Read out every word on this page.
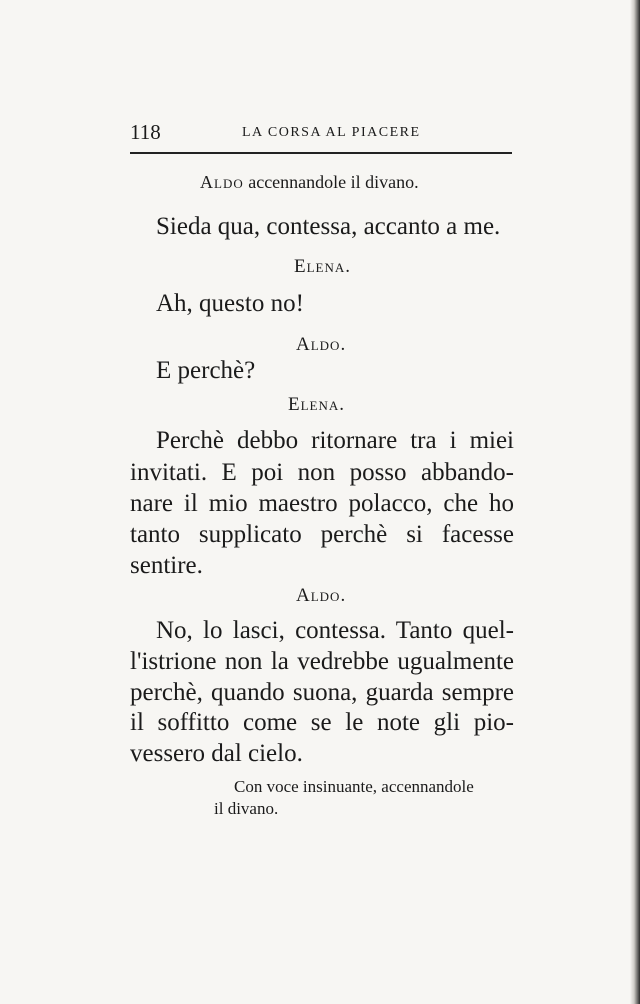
118	LA CORSA AL PIACERE
Aldo accennandole il divano.
Sieda qua, contessa, accanto a me.
Elena.
Ah, questo no!
Aldo.
E perchè?
Elena.
Perchè debbo ritornare tra i miei
invitati. E poi non posso abbando-
nare il mio maestro polacco, che ho
tanto supplicato perchè si facesse
sentire.
Aldo.
No, lo lasci, contessa. Tanto quel-
l'istrione non la vedrebbe ugualmente
perchè, quando suona, guarda sempre
il soffitto come se le note gli pio-
vessero dal cielo.
Con voce insinuante, accennandole
il divano.
